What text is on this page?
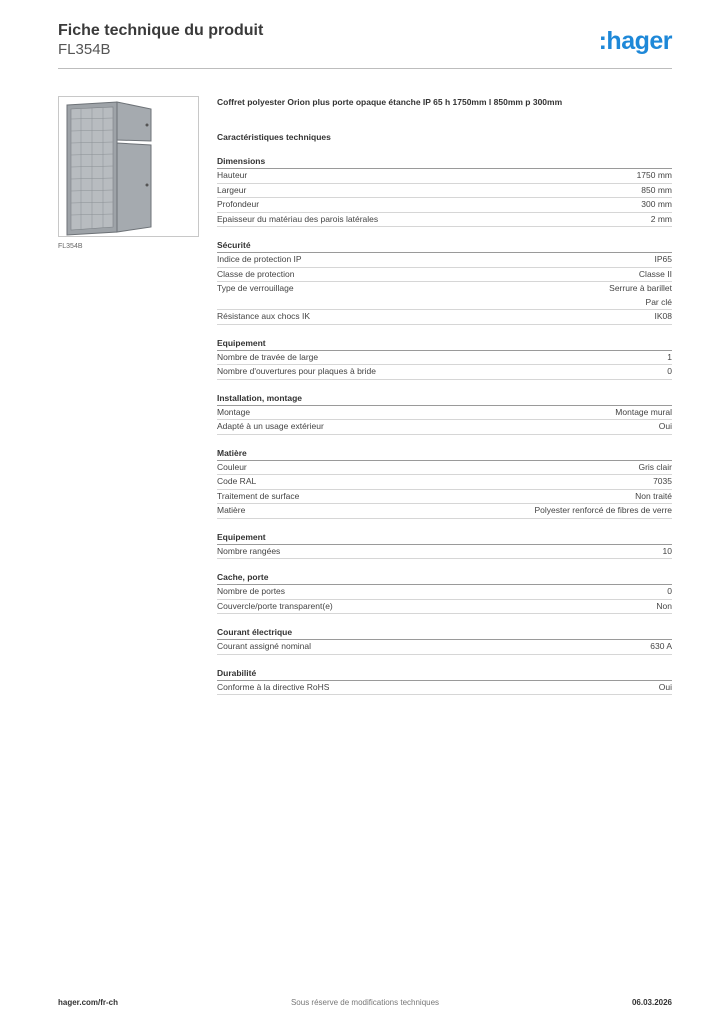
Fiche technique du produit
FL354B	:hager
FL354B
Coffret polyester Orion plus porte opaque étanche IP 65 h 1750mm l 850mm p 300mm
Caractéristiques techniques
Dimensions
Hauteur	1750 mm
Largeur	850 mm
Profondeur	300 mm
Epaisseur du matériau des parois latérales	2 mm
Sécurité
Indice de protection IP	IP65
Classe de protection	Classe II
Type de verrouillage	Serrure à barillet
Par clé
Résistance aux chocs IK	IK08
Equipement
Nombre de travée de large	1
Nombre d'ouvertures pour plaques à bride	0
Installation, montage
Montage	Montage mural
Adapté à un usage extérieur	Oui
Matière
Couleur	Gris clair
Code RAL	7035
Traitement de surface	Non traité
Matière	Polyester renforcé de fibres de verre
Equipement
Nombre rangées	10
Cache, porte
Nombre de portes	0
Couvercle/porte transparent(e)	Non
Courant électrique
Courant assigné nominal	630 A
Durabilité
Conforme à la directive RoHS	Oui
hager.com/fr-ch	Sous réserve de modifications techniques	06.03.2026
